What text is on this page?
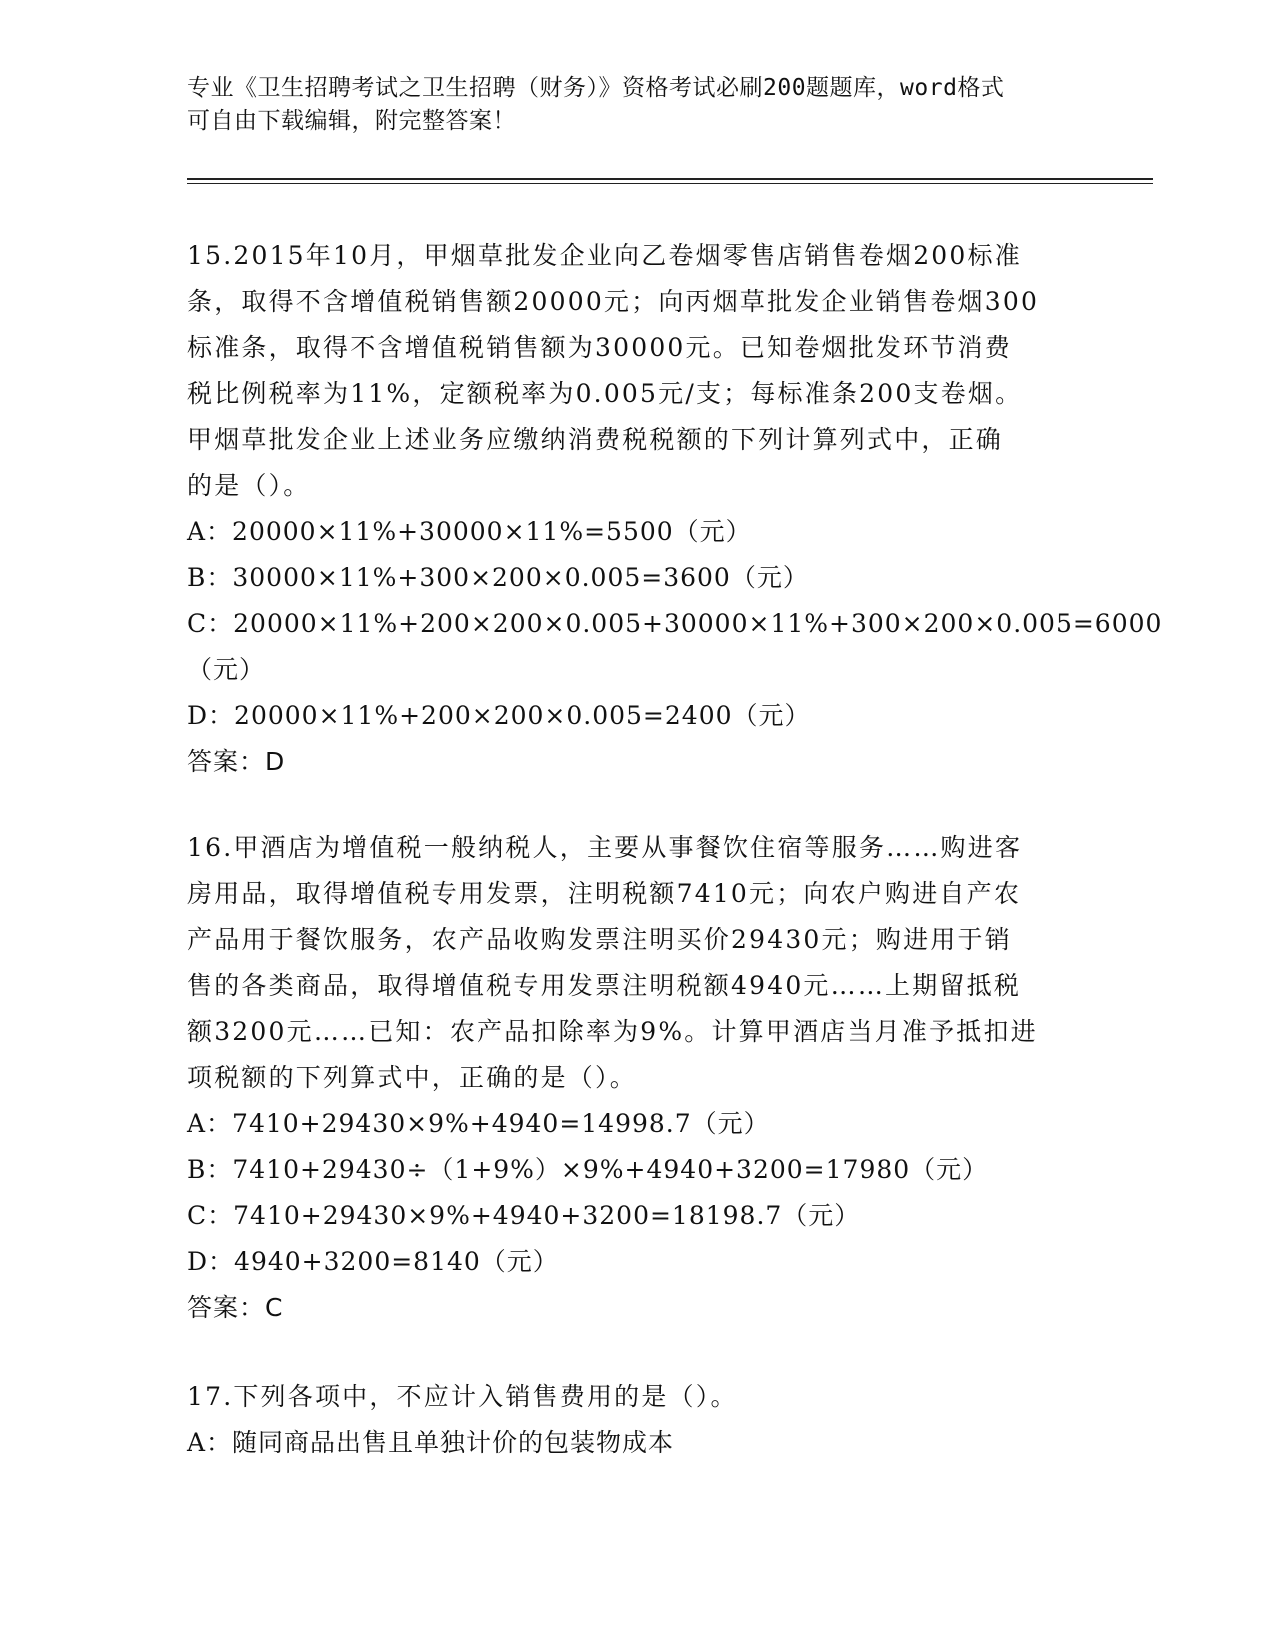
专业《卫生招聘考试之卫生招聘（财务）》资格考试必刷200题题库，word格式
可自由下载编辑，附完整答案！
15.2015年10月，甲烟草批发企业向乙卷烟零售店销售卷烟200标准
条，取得不含增值税销售额20000元；向丙烟草批发企业销售卷烟300
标准条，取得不含增值税销售额为30000元。已知卷烟批发环节消费
税比例税率为11%，定额税率为0.005元/支；每标准条200支卷烟。
甲烟草批发企业上述业务应缴纳消费税税额的下列计算列式中，正确
的是（）。
A：20000×11%+30000×11%=5500（元）
B：30000×11%+300×200×0.005=3600（元）
C：20000×11%+200×200×0.005+30000×11%+300×200×0.005=6000
（元）
D：20000×11%+200×200×0.005=2400（元）
答案：D
16.甲酒店为增值税一般纳税人，主要从事餐饮住宿等服务……购进客
房用品，取得增值税专用发票，注明税额7410元；向农户购进自产农
产品用于餐饮服务，农产品收购发票注明买价29430元；购进用于销
售的各类商品，取得增值税专用发票注明税额4940元……上期留抵税
额3200元……已知：农产品扣除率为9%。计算甲酒店当月准予抵扣进
项税额的下列算式中，正确的是（）。
A：7410+29430×9%+4940=14998.7（元）
B：7410+29430÷（1+9%）×9%+4940+3200=17980（元）
C：7410+29430×9%+4940+3200=18198.7（元）
D：4940+3200=8140（元）
答案：C
17.下列各项中，不应计入销售费用的是（）。
A：随同商品出售且单独计价的包装物成本
